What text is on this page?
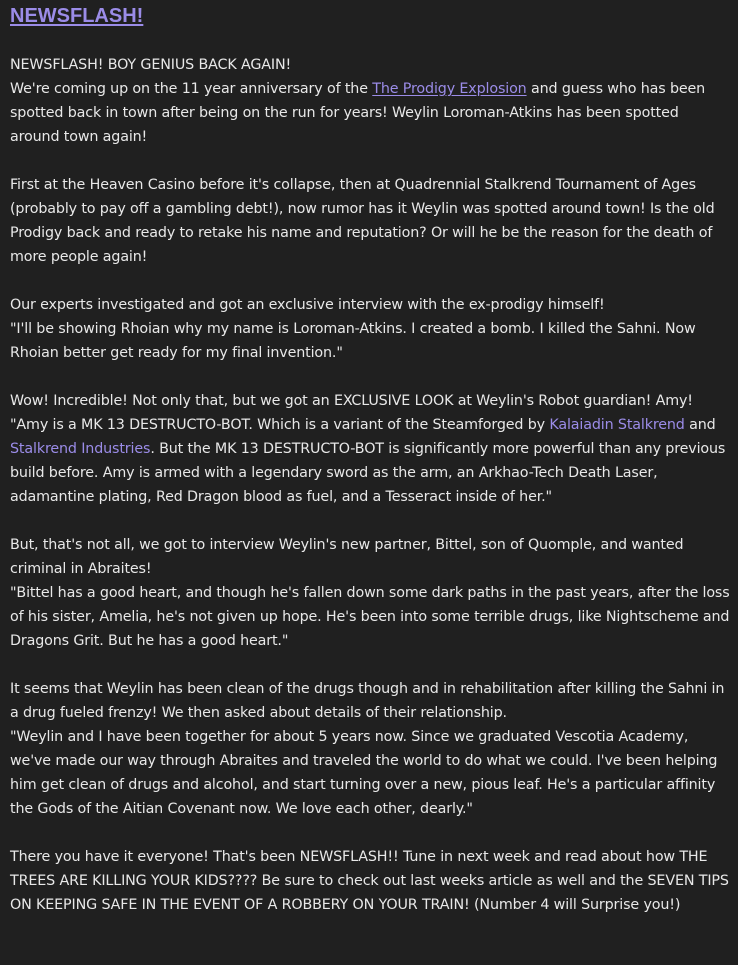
NEWSFLASH!

NEWSFLASH! BOY GENIUS BACK AGAIN!
We're coming up on the 11 year anniversary of the The Prodigy Explosion and guess who has been spotted back in town after being on the run for years! Weylin Loroman-Atkins has been spotted around town again!

First at the Heaven Casino before it's collapse, then at Quadrennial Stalkrend Tournament of Ages (probably to pay off a gambling debt!), now rumor has it Weylin was spotted around town! Is the old Prodigy back and ready to retake his name and reputation? Or will he be the reason for the death of more people again!

Our experts investigated and got an exclusive interview with the ex-prodigy himself!
"I'll be showing Rhoian why my name is Loroman-Atkins. I created a bomb. I killed the Sahni. Now Rhoian better get ready for my final invention."

Wow! Incredible! Not only that, but we got an EXCLUSIVE LOOK at Weylin's Robot guardian! Amy!
"Amy is a MK 13 DESTRUCTO-BOT. Which is a variant of the Steamforged by Kalaiadin Stalkrend and Stalkrend Industries. But the MK 13 DESTRUCTO-BOT is significantly more powerful than any previous build before. Amy is armed with a legendary sword as the arm, an Arkhao-Tech Death Laser, adamantine plating, Red Dragon blood as fuel, and a Tesseract inside of her."

But, that's not all, we got to interview Weylin's new partner, Bittel, son of Quomple, and wanted criminal in Abraites!
"Bittel has a good heart, and though he's fallen down some dark paths in the past years, after the loss of his sister, Amelia, he's not given up hope. He's been into some terrible drugs, like Nightscheme and Dragons Grit. But he has a good heart."

It seems that Weylin has been clean of the drugs though and in rehabilitation after killing the Sahni in a drug fueled frenzy! We then asked about details of their relationship.
"Weylin and I have been together for about 5 years now. Since we graduated Vescotia Academy, we've made our way through Abraites and traveled the world to do what we could. I've been helping him get clean of drugs and alcohol, and start turning over a new, pious leaf. He's a particular affinity the Gods of the Aitian Covenant now. We love each other, dearly."

There you have it everyone! That's been NEWSFLASH!! Tune in next week and read about how THE TREES ARE KILLING YOUR KIDS???? Be sure to check out last weeks article as well and the SEVEN TIPS ON KEEPING SAFE IN THE EVENT OF A ROBBERY ON YOUR TRAIN! (Number 4 will Surprise you!)
